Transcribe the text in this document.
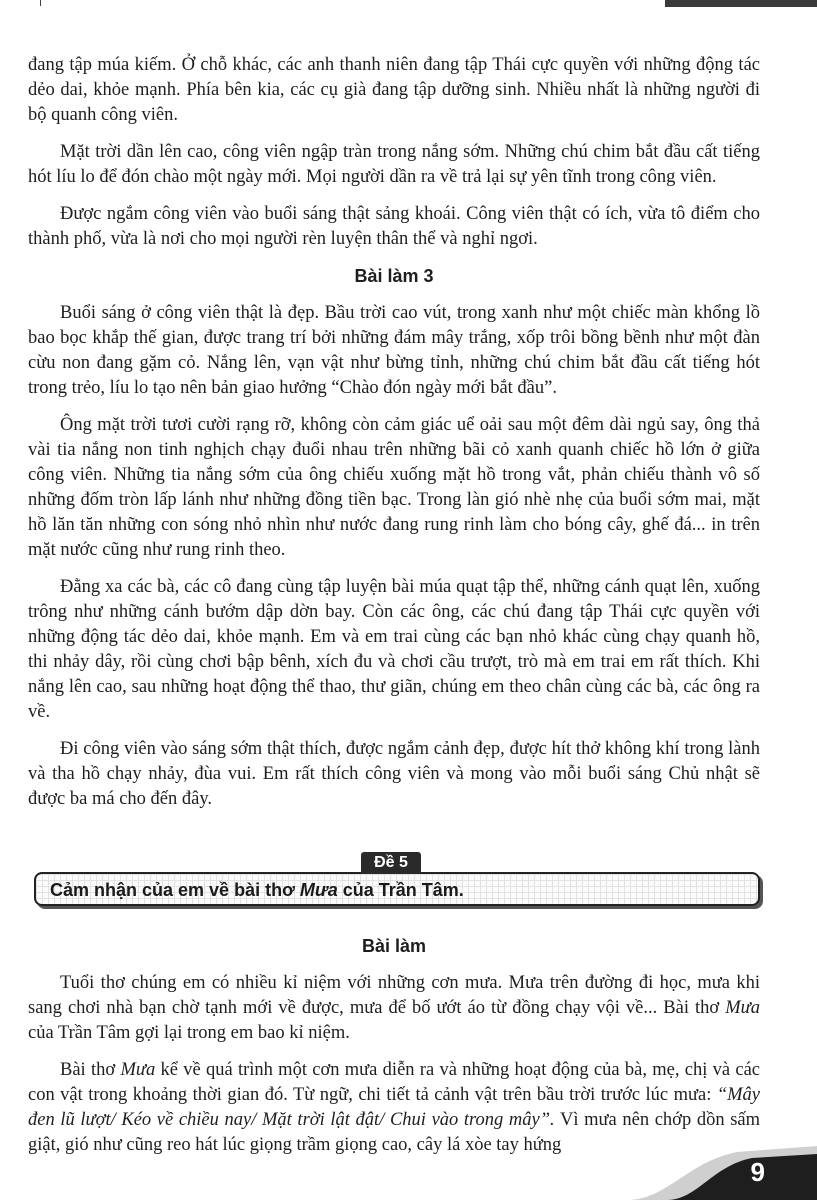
đang tập múa kiếm. Ở chỗ khác, các anh thanh niên đang tập Thái cực quyền với những động tác dẻo dai, khỏe mạnh. Phía bên kia, các cụ già đang tập dưỡng sinh. Nhiều nhất là những người đi bộ quanh công viên.

Mặt trời dần lên cao, công viên ngập tràn trong nắng sớm. Những chú chim bắt đầu cất tiếng hót líu lo để đón chào một ngày mới. Mọi người dần ra về trả lại sự yên tĩnh trong công viên.

Được ngắm công viên vào buổi sáng thật sảng khoái. Công viên thật có ích, vừa tô điểm cho thành phố, vừa là nơi cho mọi người rèn luyện thân thể và nghỉ ngơi.

Bài làm 3

Buổi sáng ở công viên thật là đẹp. Bầu trời cao vút, trong xanh như một chiếc màn khổng lồ bao bọc khắp thế gian, được trang trí bởi những đám mây trắng, xốp trôi bồng bềnh như một đàn cừu non đang gặm cỏ. Nắng lên, vạn vật như bừng tỉnh, những chú chim bắt đầu cất tiếng hót trong trẻo, líu lo tạo nên bản giao hưởng “Chào đón ngày mới bắt đầu”.

Ông mặt trời tươi cười rạng rỡ, không còn cảm giác uể oải sau một đêm dài ngủ say, ông thả vài tia nắng non tinh nghịch chạy đuổi nhau trên những bãi cỏ xanh quanh chiếc hồ lớn ở giữa công viên. Những tia nắng sớm của ông chiếu xuống mặt hồ trong vắt, phản chiếu thành vô số những đốm tròn lấp lánh như những đồng tiền bạc. Trong làn gió nhè nhẹ của buổi sớm mai, mặt hồ lăn tăn những con sóng nhỏ nhìn như nước đang rung rinh làm cho bóng cây, ghế đá... in trên mặt nước cũng như rung rinh theo.

Đằng xa các bà, các cô đang cùng tập luyện bài múa quạt tập thể, những cánh quạt lên, xuống trông như những cánh bướm dập dờn bay. Còn các ông, các chú đang tập Thái cực quyền với những động tác dẻo dai, khỏe mạnh. Em và em trai cùng các bạn nhỏ khác cùng chạy quanh hồ, thi nhảy dây, rồi cùng chơi bập bênh, xích đu và chơi cầu trượt, trò mà em trai em rất thích. Khi nắng lên cao, sau những hoạt động thể thao, thư giãn, chúng em theo chân cùng các bà, các ông ra về.

Đi công viên vào sáng sớm thật thích, được ngắm cảnh đẹp, được hít thở không khí trong lành và tha hồ chạy nhảy, đùa vui. Em rất thích công viên và mong vào mỗi buổi sáng Chủ nhật sẽ được ba má cho đến đây.

Cảm nhận của em về bài thơ Mưa của Trần Tâm.
Đề 5
Bài làm

Tuổi thơ chúng em có nhiều kỉ niệm với những cơn mưa. Mưa trên đường đi học, mưa khi sang chơi nhà bạn chờ tạnh mới về được, mưa để bố ướt áo từ đồng chạy vội về... Bài thơ Mưa của Trần Tâm gợi lại trong em bao kỉ niệm.

Bài thơ Mưa kể về quá trình một cơn mưa diễn ra và những hoạt động của bà, mẹ, chị và các con vật trong khoảng thời gian đó. Từ ngữ, chi tiết tả cảnh vật trên bầu trời trước lúc mưa: “Mây đen lũ lượt/ Kéo về chiều nay/ Mặt trời lật đật/ Chui vào trong mây”. Vì mưa nên chớp dồn sấm giật, gió như cũng reo hát lúc giọng trầm giọng cao, cây lá xòe tay hứng

9
